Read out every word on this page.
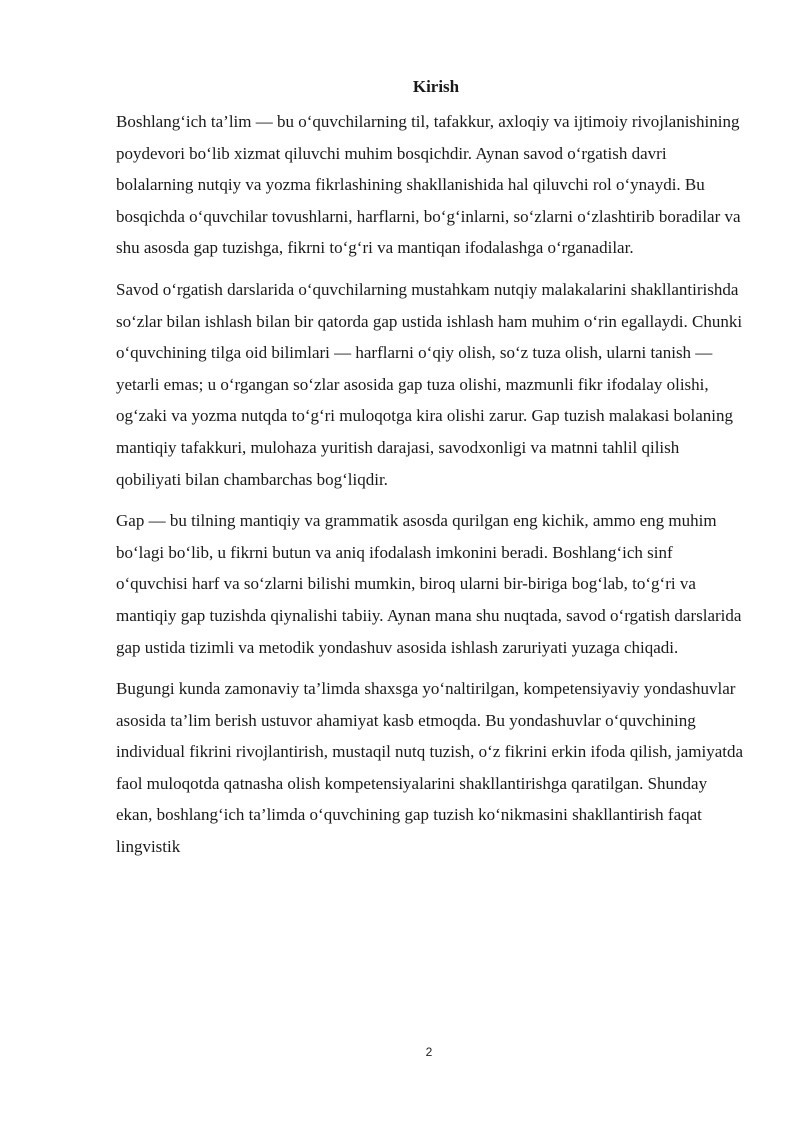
Kirish

Boshlang‘ich ta’lim — bu o‘quvchilarning til, tafakkur, axloqiy va ijtimoiy rivojlanishining poydevori bo‘lib xizmat qiluvchi muhim bosqichdir. Aynan savod o‘rgatish davri bolalarning nutqiy va yozma fikrlashining shakllanishida hal qiluvchi rol o‘ynaydi. Bu bosqichda o‘quvchilar tovushlarni, harflarni, bo‘g‘inlarni, so‘zlarni o‘zlashtirib boradilar va shu asosda gap tuzishga, fikrni to‘g‘ri va mantiqan ifodalashga o‘rganadilar.

Savod o‘rgatish darslarida o‘quvchilarning mustahkam nutqiy malakalarini shakllantirishda so‘zlar bilan ishlash bilan bir qatorda gap ustida ishlash ham muhim o‘rin egallaydi. Chunki o‘quvchining tilga oid bilimlari — harflarni o‘qiy olish, so‘z tuza olish, ularni tanish — yetarli emas; u o‘rgangan so‘zlar asosida gap tuza olishi, mazmunli fikr ifodalay olishi, og‘zaki va yozma nutqda to‘g‘ri muloqotga kira olishi zarur. Gap tuzish malakasi bolaning mantiqiy tafakkuri, mulohaza yuritish darajasi, savodxonligi va matnni tahlil qilish qobiliyati bilan chambarchas bog‘liqdir.

Gap — bu tilning mantiqiy va grammatik asosda qurilgan eng kichik, ammo eng muhim bo‘lagi bo‘lib, u fikrni butun va aniq ifodalash imkonini beradi. Boshlang‘ich sinf o‘quvchisi harf va so‘zlarni bilishi mumkin, biroq ularni bir-biriga bog‘lab, to‘g‘ri va mantiqiy gap tuzishda qiynalishi tabiiy. Aynan mana shu nuqtada, savod o‘rgatish darslarida gap ustida tizimli va metodik yondashuv asosida ishlash zaruriyati yuzaga chiqadi.

Bugungi kunda zamonaviy ta’limda shaxsga yo‘naltirilgan, kompetensiyaviy yondashuvlar asosida ta’lim berish ustuvor ahamiyat kasb etmoqda. Bu yondashuvlar o‘quvchining individual fikrini rivojlantirish, mustaqil nutq tuzish, o‘z fikrini erkin ifoda qilish, jamiyatda faol muloqotda qatnasha olish kompetensiyalarini shakllantirishga qaratilgan. Shunday ekan, boshlang‘ich ta’limda o‘quvchining gap tuzish ko‘nikmasini shakllantirish faqat lingvistik

2
